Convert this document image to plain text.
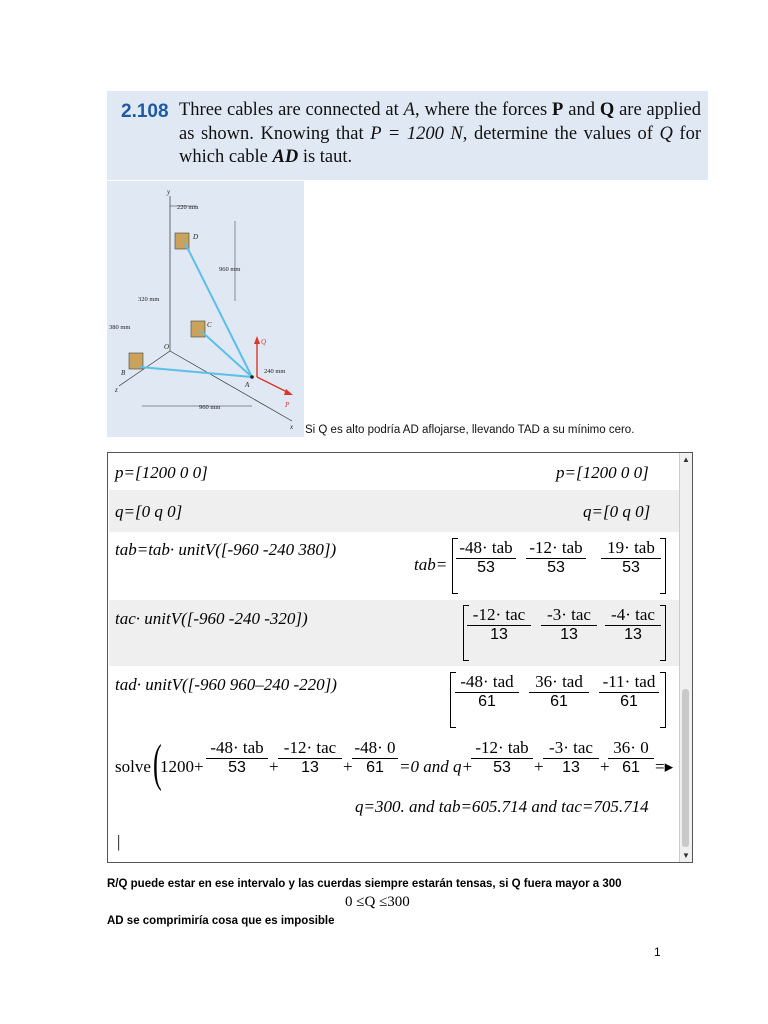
2.108 Three cables are connected at A, where the forces P and Q are applied as shown. Knowing that P = 1200 N, determine the values of Q for which cable AD is taut.
y
x
z
O
220 mm
960 mm
320 mm
380 mm
240 mm
960 mm
D
C
B
A
Q
P
Si Q es alto podría AD aflojarse, llevando TAD a su mínimo cero.
p=[1200 0 0]	p=[1200 0 0]
q=[0 q 0]	q=[0 q 0]
tab=tab· unitV([-960 -240 380])
tab=
-48· tab
53
-12· tab
53
19· tab
53
tac· unitV([-960 -240 -320])	-12· tac
13
-3· tac
13
-4· tac
13
tad· unitV([-960 960–240 -220])	-48· tad
61
36· tad
61
-11· tad
61
solve (
1200+
-48· tab
53	+
-12· tac
13	+ $\frac{-48\cdot 0}{61} =0$ and q+
-12· tab
53	+
-3· tac
13	+
$\frac{36\cdot 0}{61}$ =▸
q=300. and tab=605.714 and tac=705.714
|
▲
▼
R/Q puede estar en ese intervalo y las cuerdas siempre estarán tensas, si Q fuera mayor a 300
0 ≤Q ≤300
AD se comprimiría cosa que es imposible
1
